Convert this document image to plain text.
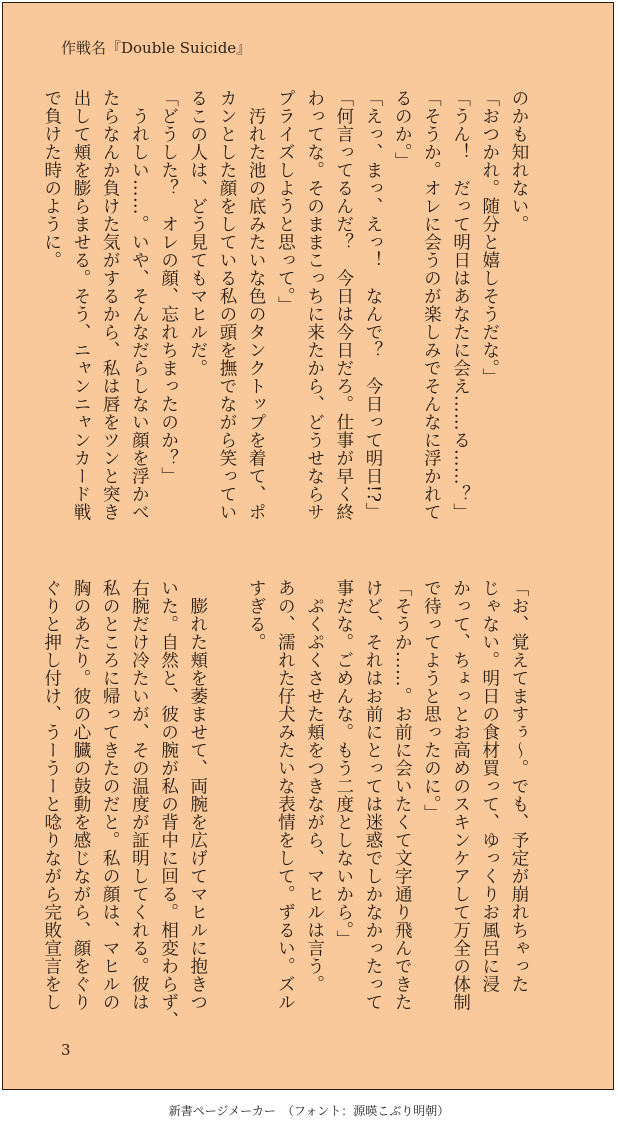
作戦名『Double Suicide』
のかも知れない。
「おつかれ。随分と嬉しそうだな。」
「うん！　だって明日はあなたに会え……る……？」
「そうか。オレに会うのが楽しみでそんなに浮かれて
るのか。」
「えっ、まっ、えっ！　なんで？　今日って明日!?」
「何言ってるんだ？　今日は今日だろ。仕事が早く終
わってな。そのままこっちに来たから、どうせならサ
プライズしようと思って。」
　汚れた池の底みたいな色のタンクトップを着て、ポ
カンとした顔をしている私の頭を撫でながら笑ってい
るこの人は、どう見てもマヒルだ。
「どうした？　オレの顔、忘れちまったのか？」
　うれしい……。いや、そんなだらしない顔を浮かべ
たらなんか負けた気がするから、私は唇をツンと突き
出して頬を膨らませる。そう、ニャンニャンカード戦
で負けた時のように。
「お、覚えてますぅ〜。でも、予定が崩れちゃった
じゃない。明日の食材買って、ゆっくりお風呂に浸
かって、ちょっとお高めのスキンケアして万全の体制
で待ってようと思ったのに。」
「そうか……。お前に会いたくて文字通り飛んできた
けど、それはお前にとっては迷惑でしかなかったって
事だな。ごめんな。もう二度としないから。」
　ぷくぷくさせた頬をつきながら、マヒルは言う。
あの、濡れた仔犬みたいな表情をして。ずるい。ズル
すぎる。
　膨れた頬を萎ませて、両腕を広げてマヒルに抱きつ
いた。自然と、彼の腕が私の背中に回る。相変わらず、
右腕だけ冷たいが、その温度が証明してくれる。彼は
私のところに帰ってきたのだと。私の顔は、マヒルの
胸のあたり。彼の心臓の鼓動を感じながら、顔をぐり
ぐりと押し付け、うーうーと唸りながら完敗宣言をし
3
新書ページメーカー　（フォント：源暎こぶり明朝）
